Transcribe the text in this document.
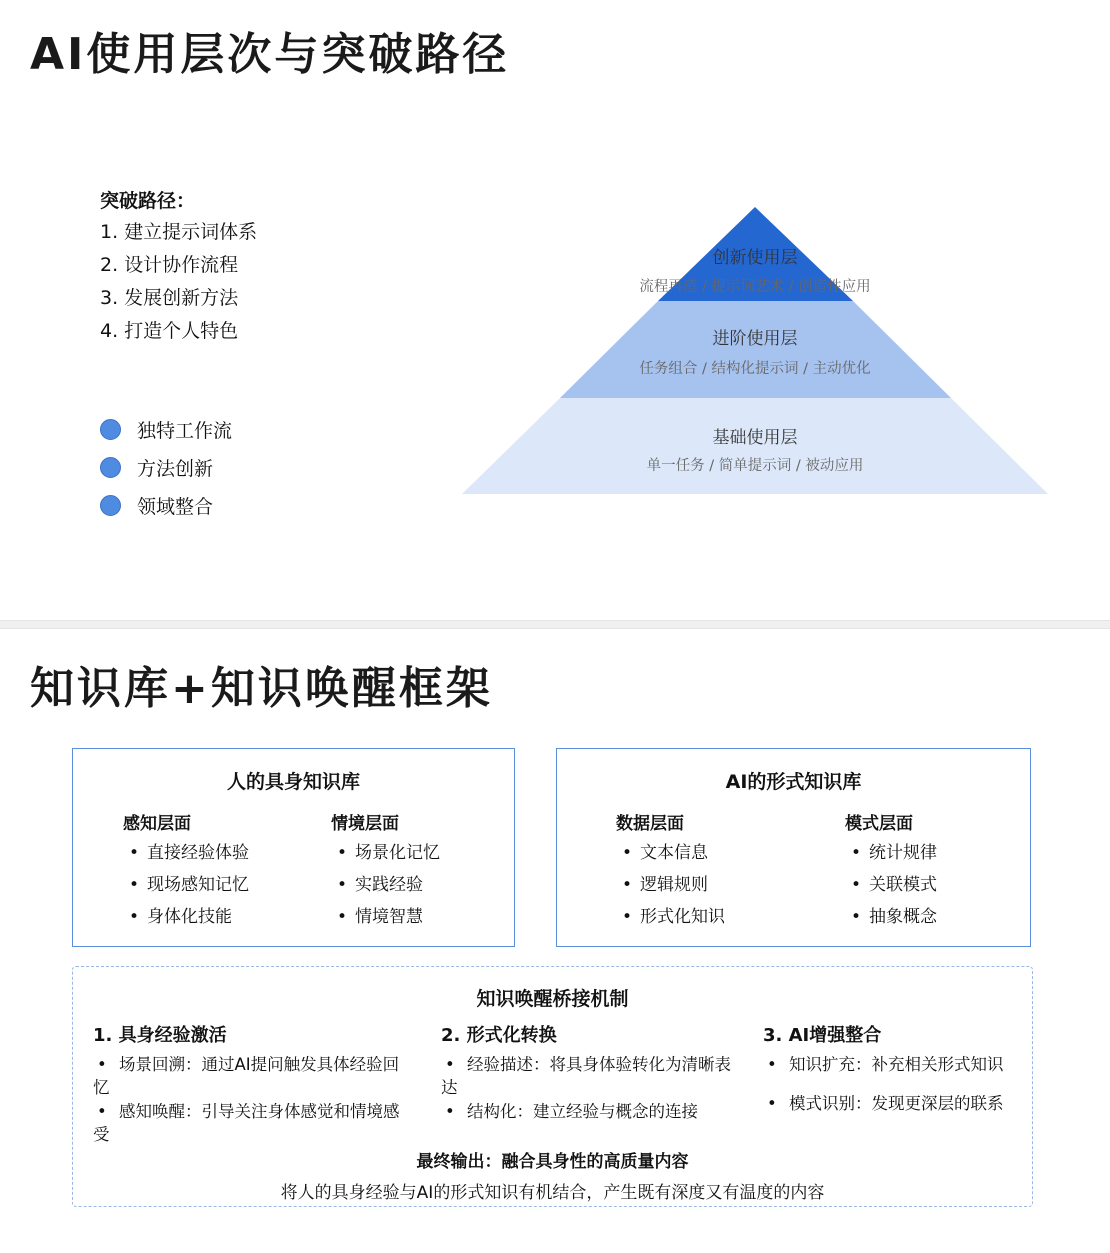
AI使用层次与突破路径
突破路径：
1. 建立提示词体系
2. 设计协作流程
3. 发展创新方法
4. 打造个人特色
独特工作流
方法创新
领域整合
创新使用层
流程再造 / 提示词艺术 / 创造性应用
进阶使用层
任务组合 / 结构化提示词 / 主动优化
基础使用层
单一任务 / 简单提示词 / 被动应用
知识库+知识唤醒框架
人的具身知识库
感知层面
• 直接经验体验
• 现场感知记忆
• 身体化技能
情境层面
• 场景化记忆
• 实践经验
• 情境智慧
AI的形式知识库
数据层面
• 文本信息
• 逻辑规则
• 形式化知识
模式层面
• 统计规律
• 关联模式
• 抽象概念
知识唤醒桥接机制
1. 具身经验激活
• 场景回溯：通过AI提问触发具体经验回忆
• 感知唤醒：引导关注身体感觉和情境感受
2. 形式化转换
• 经验描述：将具身体验转化为清晰表达
• 结构化：建立经验与概念的连接
3. AI增强整合
• 知识扩充：补充相关形式知识
• 模式识别：发现更深层的联系
最终输出：融合具身性的高质量内容
将人的具身经验与AI的形式知识有机结合，产生既有深度又有温度的内容
